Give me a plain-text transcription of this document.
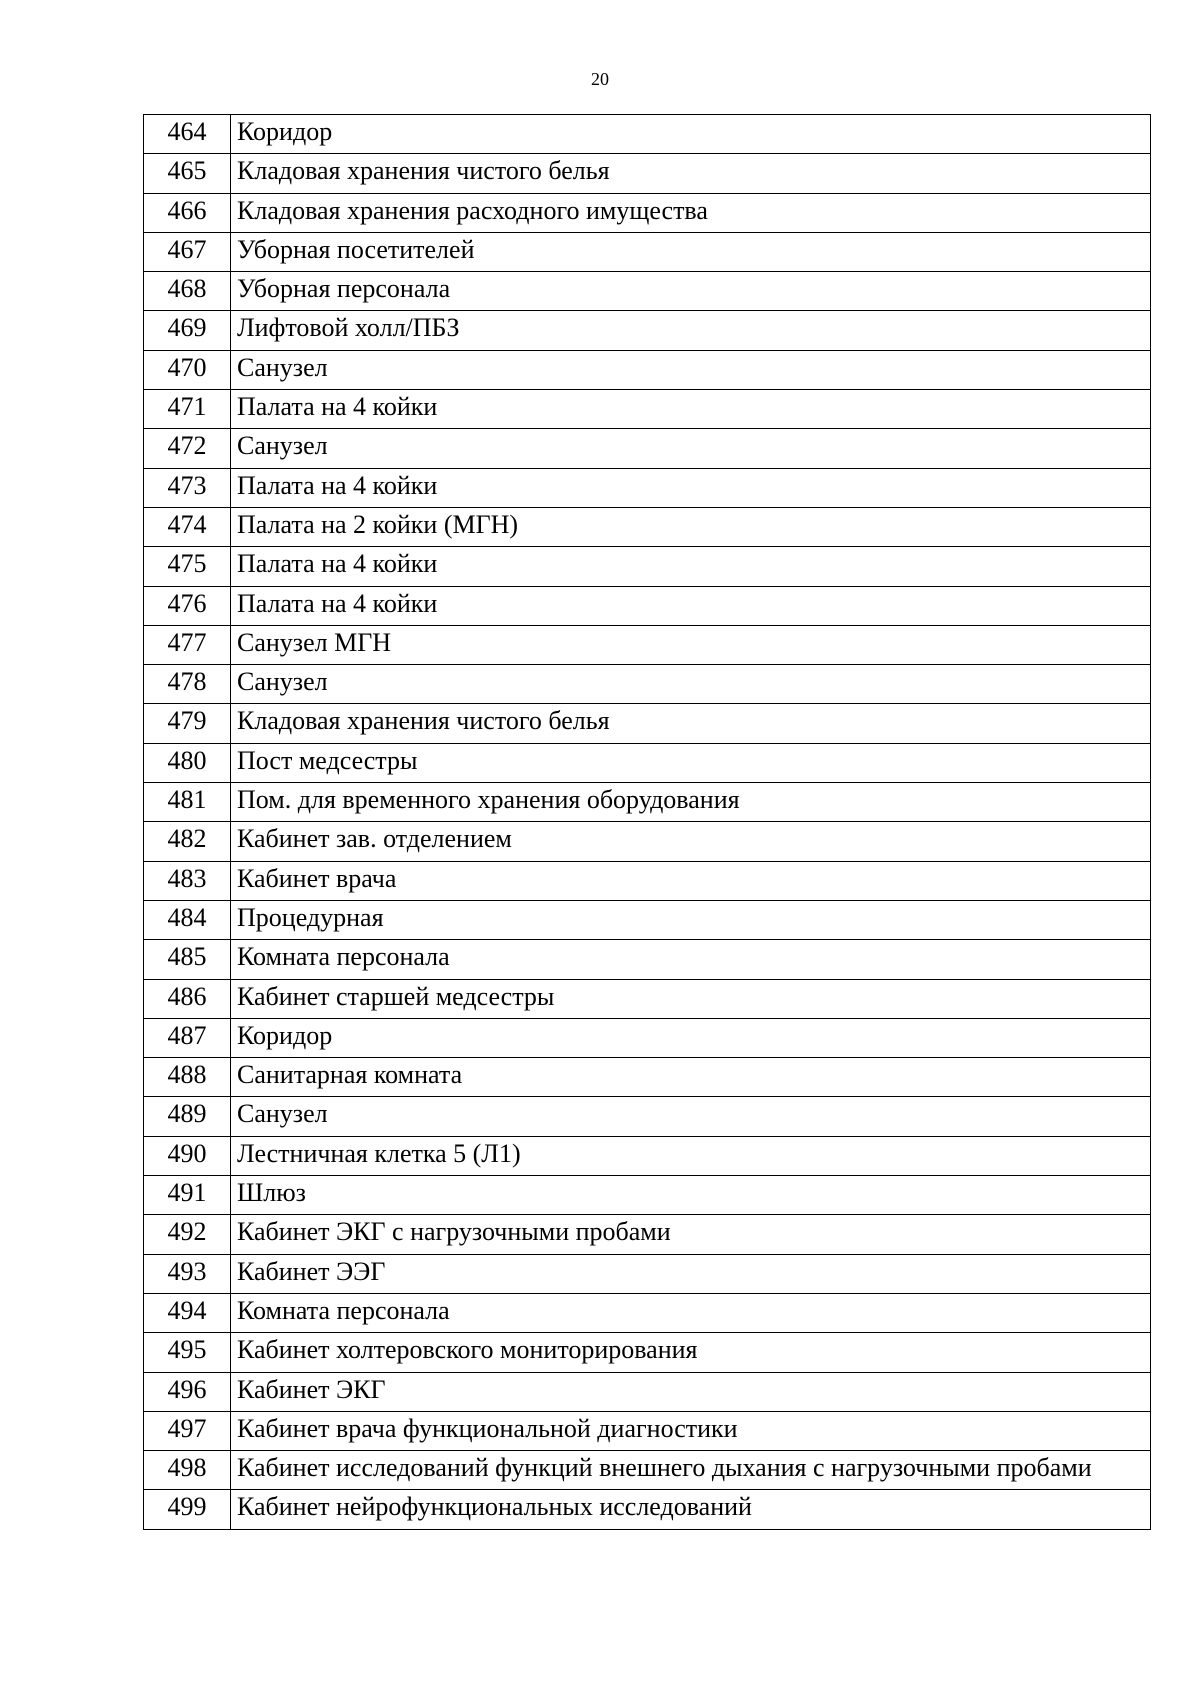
20
464	Коридор
465	Кладовая хранения чистого белья
466	Кладовая хранения расходного имущества
467	Уборная посетителей
468	Уборная персонала
469	Лифтовой холл/ПБЗ
470	Санузел
471	Палата на 4 койки
472	Санузел
473	Палата на 4 койки
474	Палата на 2 койки (МГН)
475	Палата на 4 койки
476	Палата на 4 койки
477	Санузел МГН
478	Санузел
479	Кладовая хранения чистого белья
480	Пост медсестры
481	Пом. для временного хранения оборудования
482	Кабинет зав. отделением
483	Кабинет врача
484	Процедурная
485	Комната персонала
486	Кабинет старшей медсестры
487	Коридор
488	Санитарная комната
489	Санузел
490	Лестничная клетка 5 (Л1)
491	Шлюз
492	Кабинет ЭКГ с нагрузочными пробами
493	Кабинет ЭЭГ
494	Комната персонала
495	Кабинет холтеровского мониторирования
496	Кабинет ЭКГ
497	Кабинет врача функциональной диагностики
498	Кабинет исследований функций внешнего дыхания с нагрузочными пробами
499	Кабинет нейрофункциональных исследований
